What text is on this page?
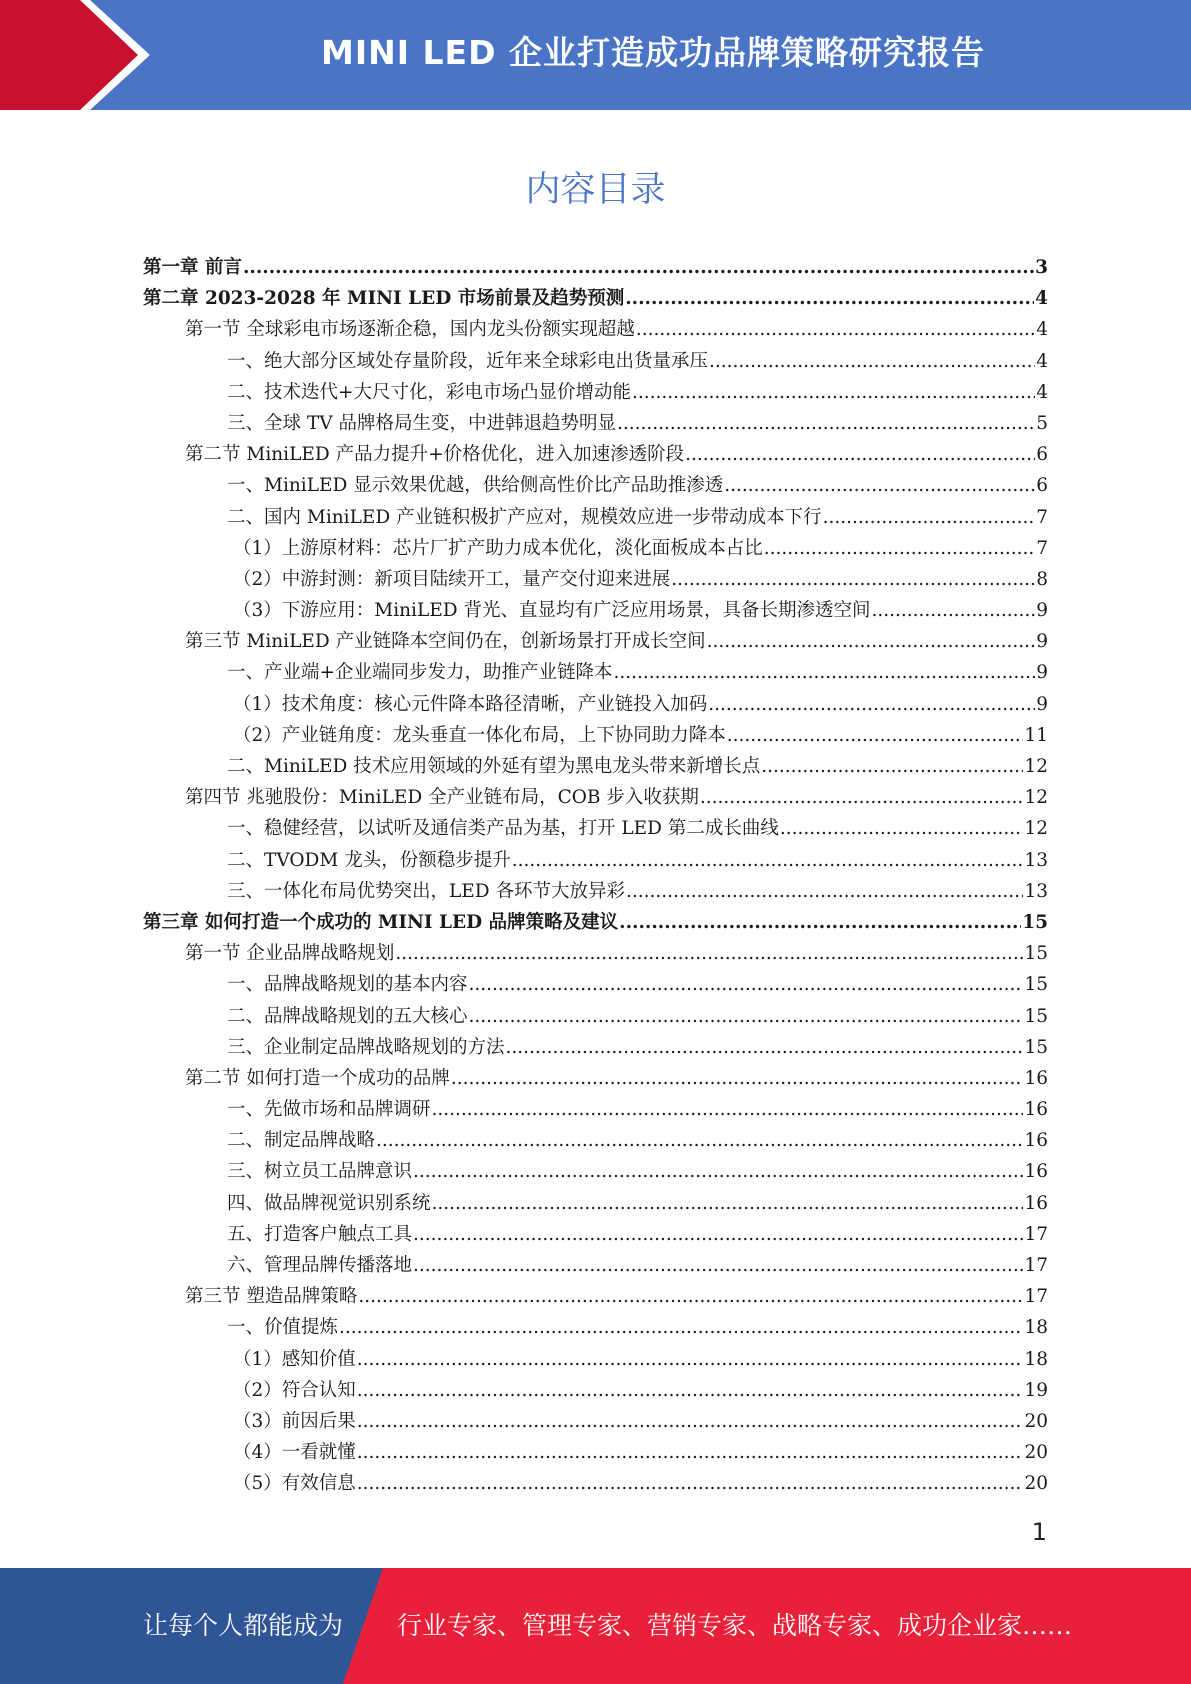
MINI LED 企业打造成功品牌策略研究报告
内容目录
第一章 前言 .....	3
第二章 2023-2028 年 MINI LED 市场前景及趋势预测 .....	4
第一节 全球彩电市场逐渐企稳，国内龙头份额实现超越 .....	4
一、绝大部分区域处存量阶段，近年来全球彩电出货量承压 .....	4
二、技术迭代+大尺寸化，彩电市场凸显价增动能 .....	4
三、全球 TV 品牌格局生变，中进韩退趋势明显 .....	5
第二节 MiniLED 产品力提升+价格优化，进入加速渗透阶段 .....	6
一、MiniLED 显示效果优越，供给侧高性价比产品助推渗透 .....	6
二、国内 MiniLED 产业链积极扩产应对，规模效应进一步带动成本下行 .....	7
（1）上游原材料：芯片厂扩产助力成本优化，淡化面板成本占比 .....	7
（2）中游封测：新项目陆续开工，量产交付迎来进展 .....	8
（3）下游应用：MiniLED 背光、直显均有广泛应用场景，具备长期渗透空间 .....	9
第三节 MiniLED 产业链降本空间仍在，创新场景打开成长空间 .....	9
一、产业端+企业端同步发力，助推产业链降本 .....	9
（1）技术角度：核心元件降本路径清晰，产业链投入加码 .....	9
（2）产业链角度：龙头垂直一体化布局，上下协同助力降本 .....	11
二、MiniLED 技术应用领域的外延有望为黑电龙头带来新增长点 .....	12
第四节 兆驰股份：MiniLED 全产业链布局，COB 步入收获期 .....	12
一、稳健经营，以试听及通信类产品为基，打开 LED 第二成长曲线 .....	12
二、TVODM 龙头，份额稳步提升 .....	13
三、一体化布局优势突出，LED 各环节大放异彩 .....	13
第三章 如何打造一个成功的 MINI LED 品牌策略及建议 .....	15
第一节 企业品牌战略规划 .....	15
一、品牌战略规划的基本内容 .....	15
二、品牌战略规划的五大核心 .....	15
三、企业制定品牌战略规划的方法 .....	15
第二节 如何打造一个成功的品牌 .....	16
一、先做市场和品牌调研 .....	16
二、制定品牌战略 .....	16
三、树立员工品牌意识 .....	16
四、做品牌视觉识别系统 .....	16
五、打造客户触点工具 .....	17
六、管理品牌传播落地 .....	17
第三节 塑造品牌策略 .....	17
一、价值提炼 .....	18
（1）感知价值 .....	18
（2）符合认知 .....	19
（3）前因后果 .....	20
（4）一看就懂 .....	20
（5）有效信息 .....	20
1
让每个人都能成为 行业专家、管理专家、营销专家、战略专家、成功企业家……
